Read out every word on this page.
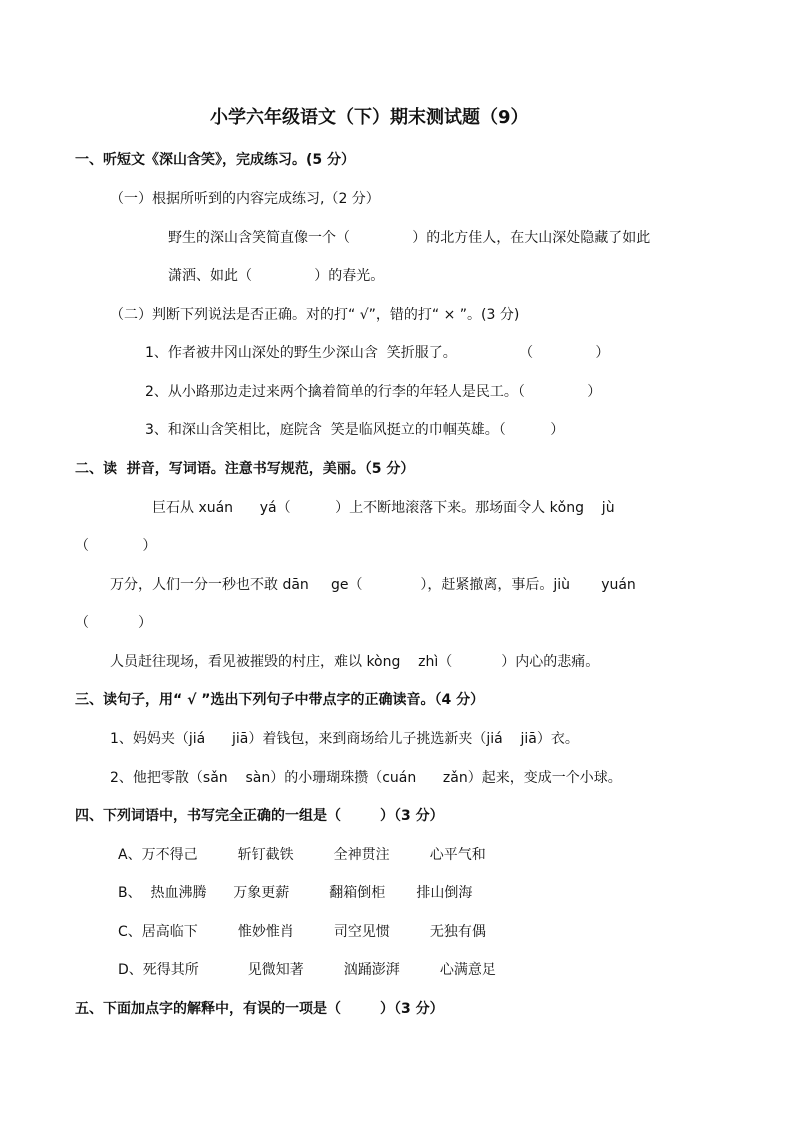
小学六年级语文（下）期末测试题（9）
一、听短文《深山含笑》，完成练习。(5 分）
（一）根据所听到的内容完成练习,（2 分）
野生的深山含笑简直像一个（              ）的北方佳人，在大山深处隐藏了如此
潇洒、如此（              ）的春光。
（二）判断下列说法是否正确。对的打“ √”，错的打“ × ”。(3 分)
1、作者被井冈山深处的野生少深山含  笑折服了。              （              ）
2、从小路那边走过来两个擒着简单的行李的年轻人是民工。（              ）
3、和深山含笑相比，庭院含  笑是临风挺立的巾帼英雄。（          ）
二、读  拼音，写词语。注意书写规范，美丽。（5 分）
巨石从 xuán      yá（          ）上不断地滚落下来。那场面令人 kǒng    jù
（            ）
万分，人们一分一秒也不敢 dān     ge（             ），赶紧撤离，事后。jiù       yuán
（           ）
人员赶往现场，看见被摧毁的村庄，难以 kòng    zhì（           ）内心的悲痛。
三、读句子，用“ √ ”选出下列句子中带点字的正确读音。（4 分）
1、妈妈夹（jiá      jiā）着钱包，来到商场给儿子挑选新夹（jiá    jiā）衣。
2、他把零散（sǎn    sàn）的小珊瑚珠攒（cuán      zǎn）起来，变成一个小球。
四、下列词语中，书写完全正确的一组是（        ）（3 分）
A、万不得己         斩钉截铁         全神贯注         心平气和
B、  热血沸腾      万象更薪         翻箱倒柜       排山倒海
C、居高临下         惟妙惟肖         司空见惯         无独有偶
D、死得其所           见微知著         汹踊澎湃         心满意足
五、下面加点字的解释中，有误的一项是（        ）（3 分）
